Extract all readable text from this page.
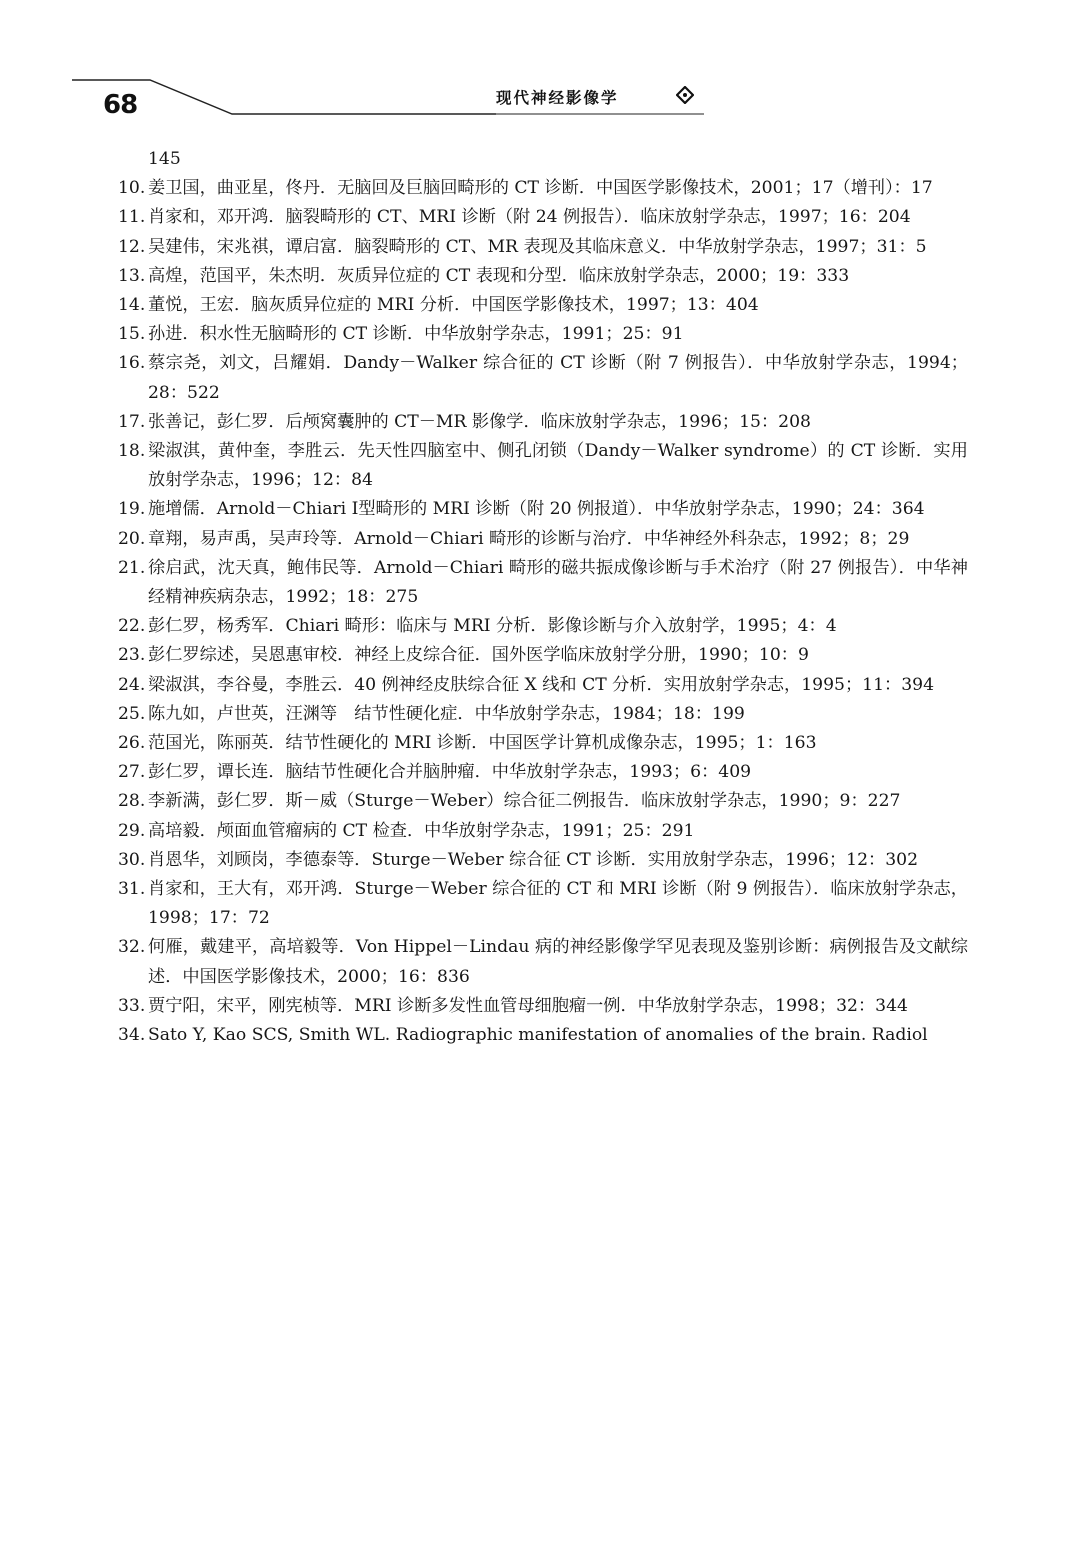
68	现代神经影像学
145
10. 姜卫国，曲亚星，佟丹．无脑回及巨脑回畸形的 CT 诊断．中国医学影像技术，2001；17（增刊）：17
11. 肖家和，邓开鸿．脑裂畸形的 CT、MRI 诊断（附 24 例报告）．临床放射学杂志，1997；16：204
12. 吴建伟，宋兆祺，谭启富．脑裂畸形的 CT、MR 表现及其临床意义．中华放射学杂志，1997；31：5
13. 高煌，范国平，朱杰明．灰质异位症的 CT 表现和分型．临床放射学杂志，2000；19：333
14. 董悦，王宏．脑灰质异位症的 MRI 分析．中国医学影像技术，1997；13：404
15. 孙进．积水性无脑畸形的 CT 诊断．中华放射学杂志，1991；25：91
16. 蔡宗尧，刘文，吕耀娟．Dandy－Walker 综合征的 CT 诊断（附 7 例报告）．中华放射学杂志，1994；28：522
17. 张善记，彭仁罗．后颅窝囊肿的 CT－MR 影像学．临床放射学杂志，1996；15：208
18. 梁淑淇，黄仲奎，李胜云．先天性四脑室中、侧孔闭锁（Dandy－Walker syndrome）的 CT 诊断．实用放射学杂志，1996；12：84
19. 施增儒．Arnold－Chiari Ⅰ型畸形的 MRI 诊断（附 20 例报道）．中华放射学杂志，1990；24：364
20. 章翔，易声禹，吴声玲等．Arnold－Chiari 畸形的诊断与治疗．中华神经外科杂志，1992；8；29
21. 徐启武，沈天真，鲍伟民等．Arnold－Chiari 畸形的磁共振成像诊断与手术治疗（附 27 例报告）．中华神经精神疾病杂志，1992；18：275
22. 彭仁罗，杨秀军．Chiari 畸形：临床与 MRI 分析．影像诊断与介入放射学，1995；4：4
23. 彭仁罗综述，吴恩惠审校．神经上皮综合征．国外医学临床放射学分册，1990；10：9
24. 梁淑淇，李谷曼，李胜云．40 例神经皮肤综合征 X 线和 CT 分析．实用放射学杂志，1995；11：394
25. 陈九如，卢世英，汪渊等　结节性硬化症．中华放射学杂志，1984；18：199
26. 范国光，陈丽英．结节性硬化的 MRI 诊断．中国医学计算机成像杂志，1995；1：163
27. 彭仁罗，谭长连．脑结节性硬化合并脑肿瘤．中华放射学杂志，1993；6：409
28. 李新满，彭仁罗．斯－威（Sturge－Weber）综合征二例报告．临床放射学杂志，1990；9：227
29. 高培毅．颅面血管瘤病的 CT 检查．中华放射学杂志，1991；25：291
30. 肖恩华，刘顾岗，李德泰等．Sturge－Weber 综合征 CT 诊断．实用放射学杂志，1996；12：302
31. 肖家和，王大有，邓开鸿．Sturge－Weber 综合征的 CT 和 MRI 诊断（附 9 例报告）．临床放射学杂志，1998；17：72
32. 何雁，戴建平，高培毅等．Von Hippel－Lindau 病的神经影像学罕见表现及鉴别诊断：病例报告及文献综述．中国医学影像技术，2000；16：836
33. 贾宁阳，宋平，刚宪桢等．MRI 诊断多发性血管母细胞瘤一例．中华放射学杂志，1998；32：344
34. Sato Y, Kao SCS, Smith WL. Radiographic manifestation of anomalies of the brain. Radiol
